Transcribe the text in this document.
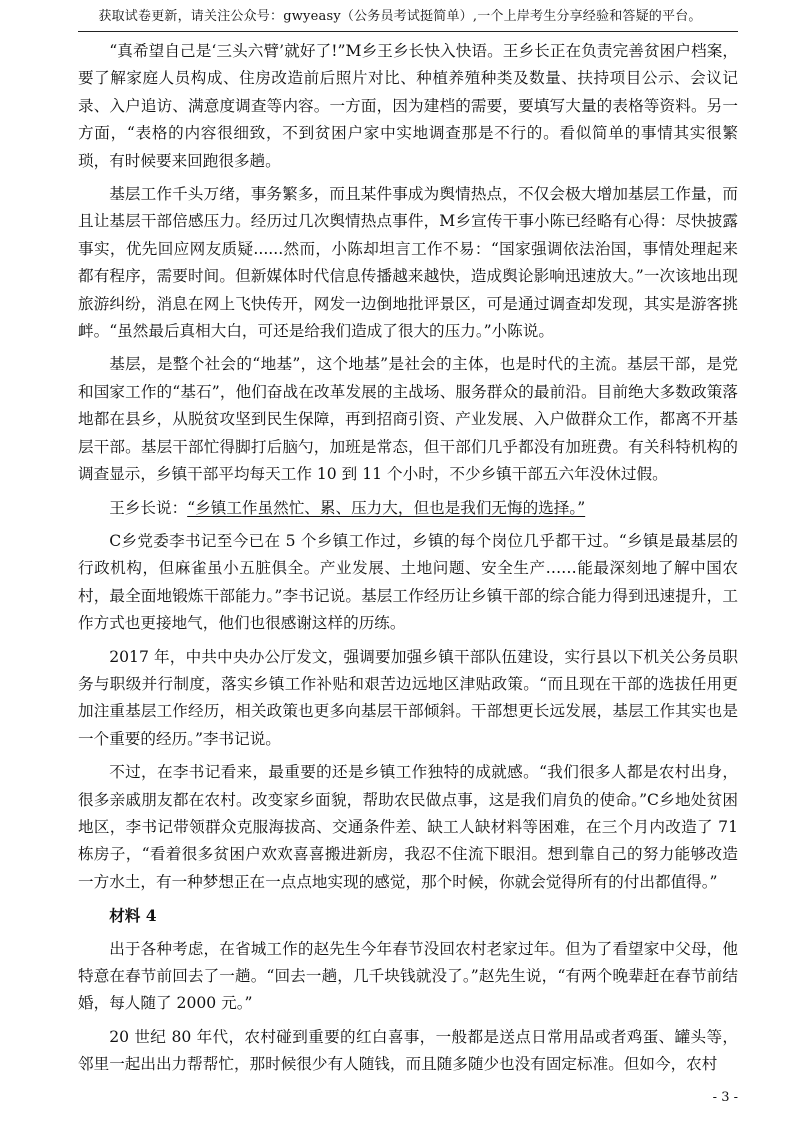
获取试卷更新，请关注公众号：gwyeasy（公务员考试挺简单）,一个上岸考生分享经验和答疑的平台。

“真希望自己是‘三头六臂’就好了!”M乡王乡长快入快语。王乡长正在负责完善贫困户档案，要了解家庭人员构成、住房改造前后照片对比、种植养殖种类及数量、扶持项目公示、会议记录、入户追访、满意度调查等内容。一方面，因为建档的需要，要填写大量的表格等资料。另一方面，“表格的内容很细致，不到贫困户家中实地调查那是不行的。看似简单的事情其实很繁琐，有时候要来回跑很多趟。

基层工作千头万绪，事务繁多，而且某件事成为舆情热点，不仅会极大增加基层工作量，而且让基层干部倍感压力。经历过几次舆情热点事件，M乡宣传干事小陈已经略有心得：尽快披露事实，优先回应网友质疑......然而，小陈却坦言工作不易：“国家强调依法治国，事情处理起来都有程序，需要时间。但新媒体时代信息传播越来越快，造成舆论影响迅速放大。”一次该地出现旅游纠纷，消息在网上飞快传开，网发一边倒地批评景区，可是通过调查却发现，其实是游客挑衅。“虽然最后真相大白，可还是给我们造成了很大的压力。”小陈说。

基层，是整个社会的“地基”，这个地基”是社会的主体，也是时代的主流。基层干部，是党和国家工作的“基石”，他们奋战在改革发展的主战场、服务群众的最前沿。目前绝大多数政策落地都在县乡，从脱贫攻坚到民生保障，再到招商引资、产业发展、入户做群众工作，都离不开基层干部。基层干部忙得脚打后脑勺，加班是常态，但干部们几乎都没有加班费。有关科特机构的调查显示，乡镇干部平均每天工作 10 到 11 个小时，不少乡镇干部五六年没休过假。

王乡长说：“乡镇工作虽然忙、累、压力大，但也是我们无悔的选择。”

C乡党委李书记至今已在 5 个乡镇工作过，乡镇的每个岗位几乎都干过。“乡镇是最基层的行政机构，但麻雀虽小五脏俱全。产业发展、土地问题、安全生产……能最深刻地了解中国农村，最全面地锻炼干部能力。”李书记说。基层工作经历让乡镇干部的综合能力得到迅速提升，工作方式也更接地气，他们也很感谢这样的历练。

2017 年，中共中央办公厅发文，强调要加强乡镇干部队伍建设，实行县以下机关公务员职务与职级并行制度，落实乡镇工作补贴和艰苦边远地区津贴政策。“而且现在干部的选拔任用更加注重基层工作经历，相关政策也更多向基层干部倾斜。干部想更长远发展，基层工作其实也是一个重要的经历。”李书记说。

不过，在李书记看来，最重要的还是乡镇工作独特的成就感。“我们很多人都是农村出身，很多亲戚朋友都在农村。改变家乡面貌，帮助农民做点事，这是我们肩负的使命。”C乡地处贫困地区，李书记带领群众克服海拔高、交通条件差、缺工人缺材料等困难，在三个月内改造了 71 栋房子，“看着很多贫困户欢欢喜喜搬进新房，我忍不住流下眼泪。想到靠自己的努力能够改造一方水土，有一种梦想正在一点点地实现的感觉，那个时候，你就会觉得所有的付出都值得。”

材料 4

出于各种考虑，在省城工作的赵先生今年春节没回农村老家过年。但为了看望家中父母，他特意在春节前回去了一趟。“回去一趟，几千块钱就没了。”赵先生说，“有两个晚辈赶在春节前结婚，每人随了 2000 元。”

20 世纪 80 年代，农村碰到重要的红白喜事，一般都是送点日常用品或者鸡蛋、罐头等，邻里一起出出力帮帮忙，那时候很少有人随钱，而且随多随少也没有固定标准。但如今，农村

- 3 -
